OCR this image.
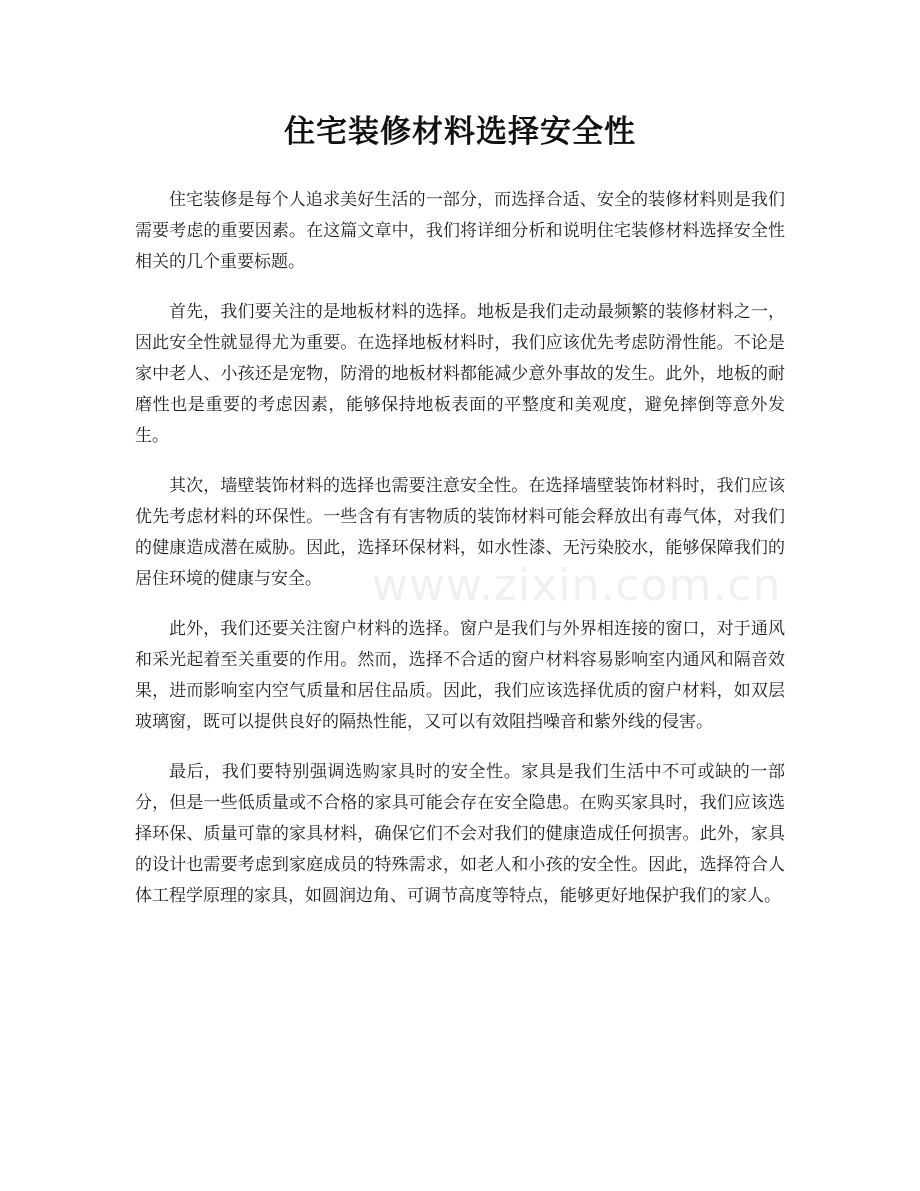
住宅装修材料选择安全性

住宅装修是每个人追求美好生活的一部分，而选择合适、安全的装修材料则是我们需要考虑的重要因素。在这篇文章中，我们将详细分析和说明住宅装修材料选择安全性相关的几个重要标题。

首先，我们要关注的是地板材料的选择。地板是我们走动最频繁的装修材料之一，因此安全性就显得尤为重要。在选择地板材料时，我们应该优先考虑防滑性能。不论是家中老人、小孩还是宠物，防滑的地板材料都能减少意外事故的发生。此外，地板的耐磨性也是重要的考虑因素，能够保持地板表面的平整度和美观度，避免摔倒等意外发生。

其次，墙壁装饰材料的选择也需要注意安全性。在选择墙壁装饰材料时，我们应该优先考虑材料的环保性。一些含有有害物质的装饰材料可能会释放出有毒气体，对我们的健康造成潜在威胁。因此，选择环保材料，如水性漆、无污染胶水，能够保障我们的居住环境的健康与安全。

此外，我们还要关注窗户材料的选择。窗户是我们与外界相连接的窗口，对于通风和采光起着至关重要的作用。然而，选择不合适的窗户材料容易影响室内通风和隔音效果，进而影响室内空气质量和居住品质。因此，我们应该选择优质的窗户材料，如双层玻璃窗，既可以提供良好的隔热性能，又可以有效阻挡噪音和紫外线的侵害。

最后，我们要特别强调选购家具时的安全性。家具是我们生活中不可或缺的一部分，但是一些低质量或不合格的家具可能会存在安全隐患。在购买家具时，我们应该选择环保、质量可靠的家具材料，确保它们不会对我们的健康造成任何损害。此外，家具的设计也需要考虑到家庭成员的特殊需求，如老人和小孩的安全性。因此，选择符合人体工程学原理的家具，如圆润边角、可调节高度等特点，能够更好地保护我们的家人。

www.zixin.com.cn
